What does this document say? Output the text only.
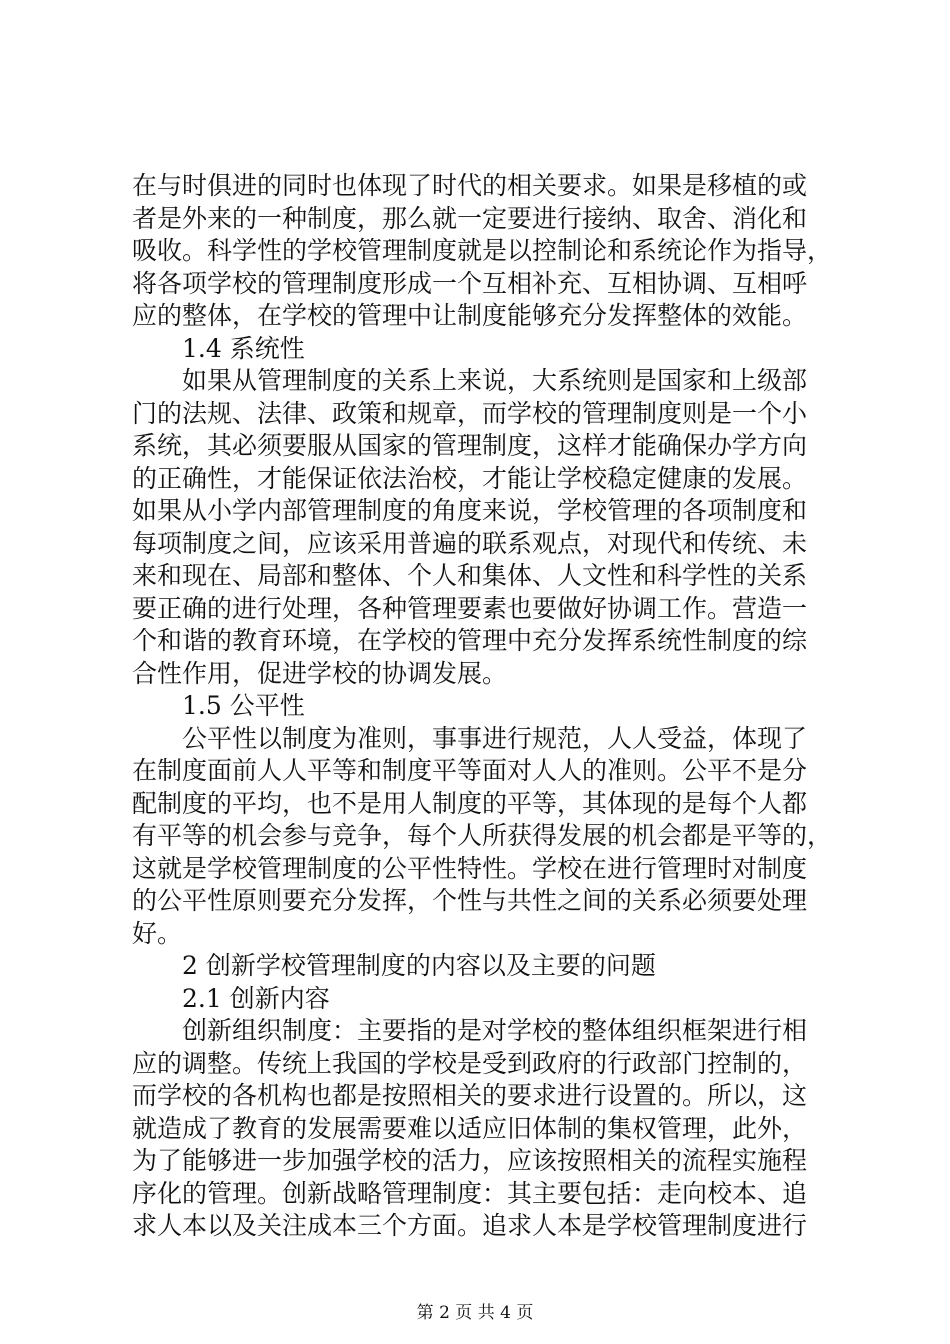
在与时俱进的同时也体现了时代的相关要求。如果是移植的或
者是外来的一种制度，那么就一定要进行接纳、取舍、消化和
吸收。科学性的学校管理制度就是以控制论和系统论作为指导，
将各项学校的管理制度形成一个互相补充、互相协调、互相呼
应的整体，在学校的管理中让制度能够充分发挥整体的效能。
1.4 系统性
如果从管理制度的关系上来说，大系统则是国家和上级部
门的法规、法律、政策和规章，而学校的管理制度则是一个小
系统，其必须要服从国家的管理制度，这样才能确保办学方向
的正确性，才能保证依法治校，才能让学校稳定健康的发展。
如果从小学内部管理制度的角度来说，学校管理的各项制度和
每项制度之间，应该采用普遍的联系观点，对现代和传统、未
来和现在、局部和整体、个人和集体、人文性和科学性的关系
要正确的进行处理，各种管理要素也要做好协调工作。营造一
个和谐的教育环境，在学校的管理中充分发挥系统性制度的综
合性作用，促进学校的协调发展。
1.5 公平性
公平性以制度为准则，事事进行规范，人人受益，体现了
在制度面前人人平等和制度平等面对人人的准则。公平不是分
配制度的平均，也不是用人制度的平等，其体现的是每个人都
有平等的机会参与竞争，每个人所获得发展的机会都是平等的，
这就是学校管理制度的公平性特性。学校在进行管理时对制度
的公平性原则要充分发挥，个性与共性之间的关系必须要处理
好。
2 创新学校管理制度的内容以及主要的问题
2.1 创新内容
创新组织制度：主要指的是对学校的整体组织框架进行相
应的调整。传统上我国的学校是受到政府的行政部门控制的，
而学校的各机构也都是按照相关的要求进行设置的。所以，这
就造成了教育的发展需要难以适应旧体制的集权管理，此外，
为了能够进一步加强学校的活力，应该按照相关的流程实施程
序化的管理。创新战略管理制度：其主要包括：走向校本、追
求人本以及关注成本三个方面。追求人本是学校管理制度进行
第 2 页 共 4 页
